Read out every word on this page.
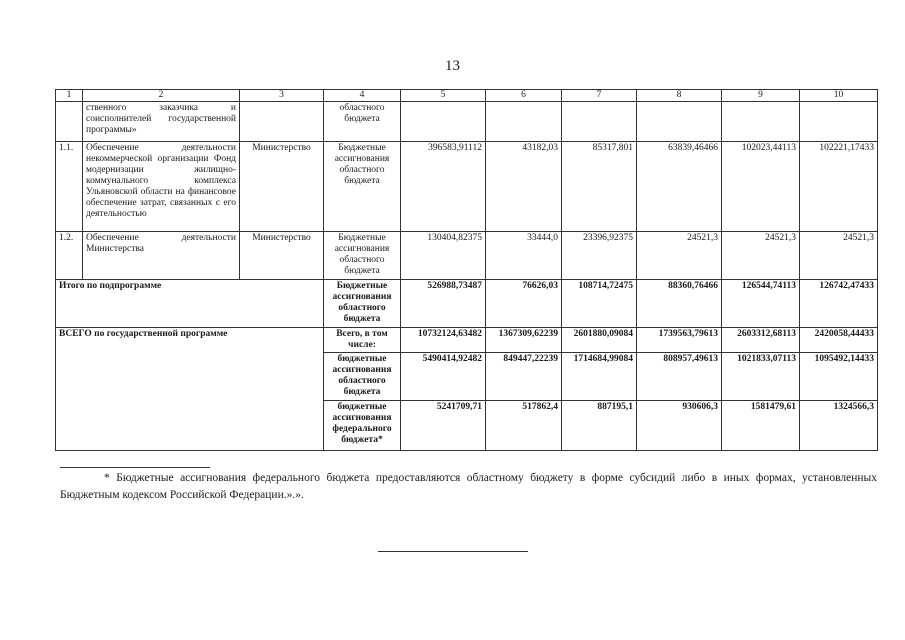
13
1	2	3	4	5	6	7	8	9	10
	ственного заказчика и соисполнителей государственной программы»		областного бюджета						
1.1.	Обеспечение деятельности некоммерческой организации Фонд модернизации жилищно-коммунального комплекса Ульяновской области на финансовое обеспечение затрат, связанных с его деятельностью	Министерство	Бюджетные ассигнования областного бюджета	396583,91112	43182,03	85317,801	63839,46466	102023,44113	102221,17433
1.2.	Обеспечение деятельности Министерства	Министерство	Бюджетные ассигнования областного бюджета	130404,82375	33444,0	23396,92375	24521,3	24521,3	24521,3
Итого по подпрограмме			Бюджетные ассигнования областного бюджета	526988,73487	76626,03	108714,72475	88360,76466	126544,74113	126742,47433
ВСЕГО по государственной программе			Всего, в том числе:	10732124,63482	1367309,62239	2601880,09084	1739563,79613	2603312,68113	2420058,44433
			бюджетные ассигнования областного бюджета	5490414,92482	849447,22239	1714684,99084	808957,49613	1021833,07113	1095492,14433
			бюджетные ассигнования федерального бюджета*	5241709,71	517862,4	887195,1	930606,3	1581479,61	1324566,3
* Бюджетные ассигнования федерального бюджета предоставляются областному бюджету в форме субсидий либо в иных формах, установленных Бюджетным кодексом Российской Федерации.».».
